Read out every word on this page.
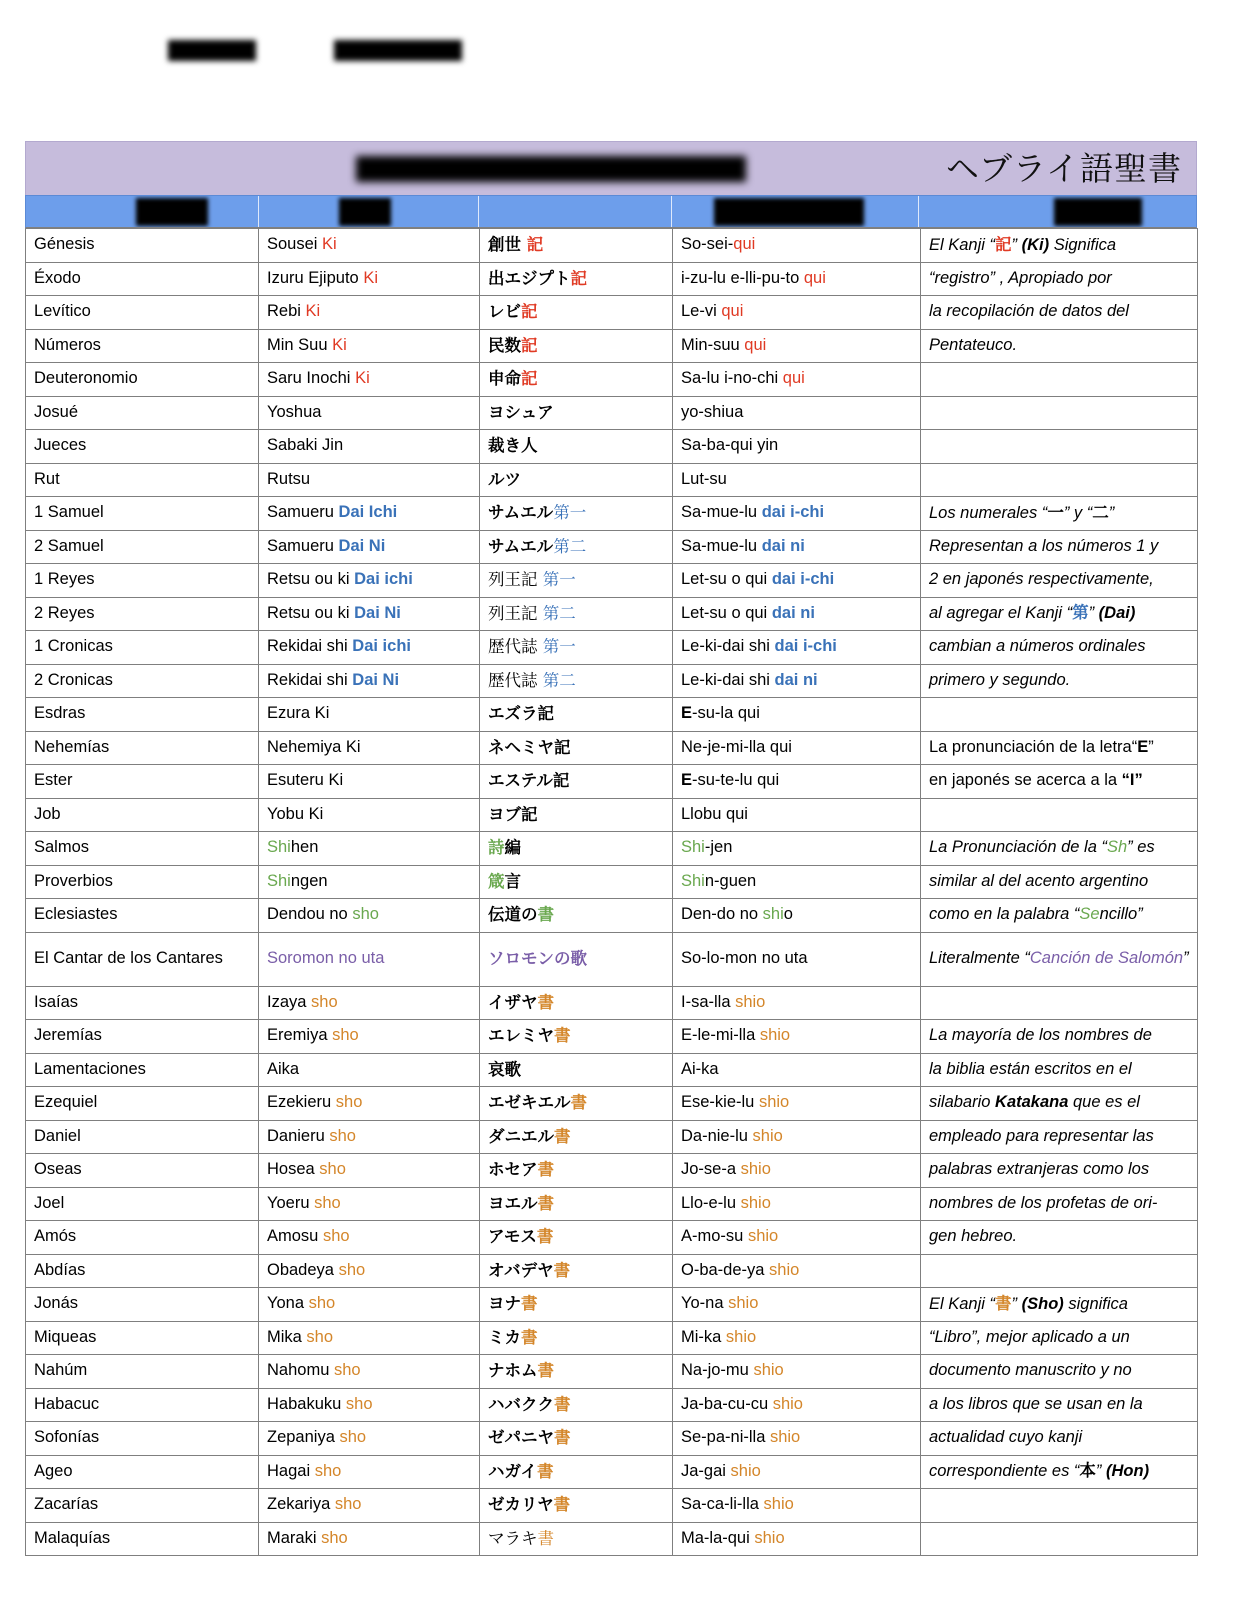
ヘブライ語聖書
Génesis	Sousei Ki	創世 記	So-sei-qui	El Kanji “記” (Ki) Significa
Éxodo	Izuru Ejiputo Ki	出エジプト記	i-zu-lu e-lli-pu-to qui	“registro” , Apropiado por
Levítico	Rebi Ki	レビ記	Le-vi qui	la recopilación de datos del
Números	Min Suu Ki	民数記	Min-suu qui	Pentateuco.
Deuteronomio	Saru Inochi Ki	申命記	Sa-lu i-no-chi qui	
Josué	Yoshua	ヨシュア	yo-shiua	
Jueces	Sabaki Jin	裁き人	Sa-ba-qui yin	
Rut	Rutsu	ルツ	Lut-su	
1 Samuel	Samueru Dai Ichi	サムエル第一	Sa-mue-lu dai i-chi	Los numerales “一” y “二”
2 Samuel	Samueru Dai Ni	サムエル第二	Sa-mue-lu dai ni	Representan a los números 1 y
1 Reyes	Retsu ou ki Dai ichi	列王記 第一	Let-su o qui dai i-chi	2 en japonés respectivamente,
2 Reyes	Retsu ou ki Dai Ni	列王記 第二	Let-su o qui dai ni	al agregar el Kanji “第” (Dai)
1 Cronicas	Rekidai shi Dai ichi	歴代誌 第一	Le-ki-dai shi dai i-chi	cambian a números ordinales
2 Cronicas	Rekidai shi Dai Ni	歴代誌 第二	Le-ki-dai shi dai ni	primero y segundo.
Esdras	Ezura Ki	エズラ記	E-su-la qui	
Nehemías	Nehemiya Ki	ネヘミヤ記	Ne-je-mi-lla qui	La pronunciación de la letra“E”
Ester	Esuteru Ki	エステル記	E-su-te-lu qui	en japonés se acerca a la “I”
Job	Yobu Ki	ヨブ記	Llobu qui	
Salmos	Shihen	詩編	Shi-jen	La Pronunciación de la “Sh” es
Proverbios	Shingen	箴言	Shin-guen	similar al del acento argentino
Eclesiastes	Dendou no sho	伝道の書	Den-do no shio	como en la palabra “Sencillo”
El Cantar de los Cantares	Soromon no uta	ソロモンの歌	So-lo-mon no uta	Literalmente “Canción de Salomón”
Isaías	Izaya sho	イザヤ書	I-sa-lla shio	
Jeremías	Eremiya sho	エレミヤ書	E-le-mi-lla shio	La mayoría de los nombres de
Lamentaciones	Aika	哀歌	Ai-ka	la biblia están escritos en el
Ezequiel	Ezekieru sho	エゼキエル書	Ese-kie-lu shio	silabario Katakana que es el
Daniel	Danieru sho	ダニエル書	Da-nie-lu shio	empleado para representar las
Oseas	Hosea sho	ホセア書	Jo-se-a shio	palabras extranjeras como los
Joel	Yoeru sho	ヨエル書	Llo-e-lu shio	nombres de los profetas de ori-
Amós	Amosu sho	アモス書	A-mo-su shio	gen hebreo.
Abdías	Obadeya sho	オバデヤ書	O-ba-de-ya shio	
Jonás	Yona sho	ヨナ書	Yo-na shio	El Kanji “書” (Sho) significa
Miqueas	Mika sho	ミカ書	Mi-ka shio	“Libro”, mejor aplicado a un
Nahúm	Nahomu sho	ナホム書	Na-jo-mu shio	documento manuscrito y no
Habacuc	Habakuku sho	ハバクク書	Ja-ba-cu-cu shio	a los libros que se usan en la
Sofonías	Zepaniya sho	ゼパニヤ書	Se-pa-ni-lla shio	actualidad cuyo kanji
Ageo	Hagai sho	ハガイ書	Ja-gai shio	correspondiente es “本” (Hon)
Zacarías	Zekariya sho	ゼカリヤ書	Sa-ca-li-lla shio	
Malaquías	Maraki sho	マラキ書	Ma-la-qui shio	
